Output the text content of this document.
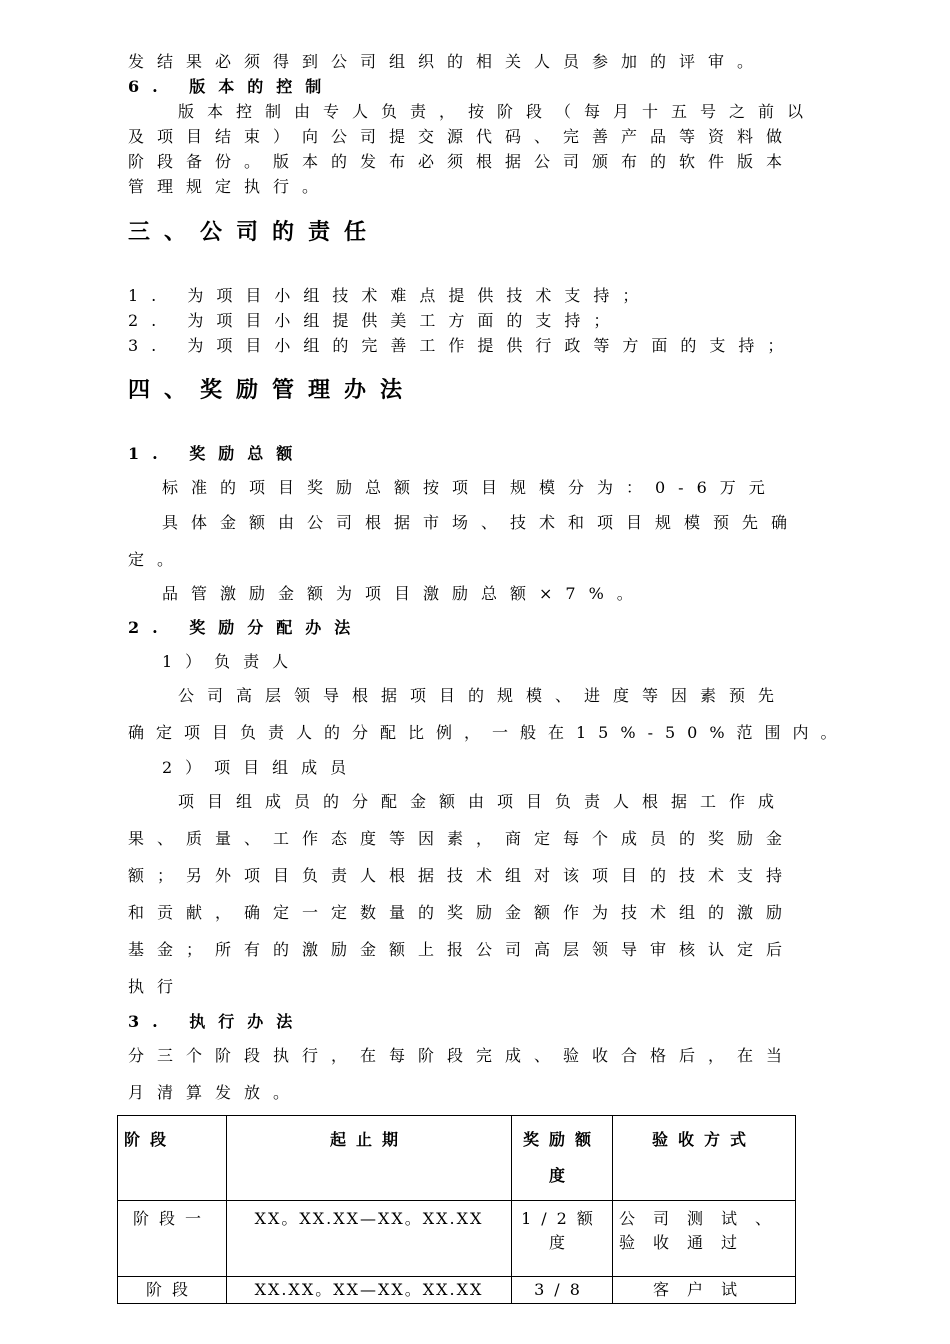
发结果必须得到公司组织的相关人员参加的评审。
6. 版本的控制
版本控制由专人负责，按阶段（每月十五号之前以
及项目结束）向公司提交源代码、完善产品等资料做
阶段备份。版本的发布必须根据公司颁布的软件版本
管理规定执行。
三、公司的责任
1. 为项目小组技术难点提供技术支持；
2. 为项目小组提供美工方面的支持；
3. 为项目小组的完善工作提供行政等方面的支持；
四、奖励管理办法
1. 奖励总额
标准的项目奖励总额按项目规模分为：0-6万元
具体金额由公司根据市场、技术和项目规模预先确
定。
品管激励金额为项目激励总额×7%。
2. 奖励分配办法
1）负责人
公司高层领导根据项目的规模、进度等因素预先
确定项目负责人的分配比例，一般在15%-50%范围内。
2）项目组成员
项目组成员的分配金额由项目负责人根据工作成
果、质量、工作态度等因素，商定每个成员的奖励金
额；另外项目负责人根据技术组对该项目的技术支持
和贡献，确定一定数量的奖励金额作为技术组的激励
基金；所有的激励金额上报公司高层领导审核认定后
执行
3. 执行办法
分三个阶段执行，在每阶段完成、验收合格后，在当
月清算发放。
阶段	起止期	奖励额度	验收方式
阶段一	XX。XX.XX—XX。XX.XX	1/2额度	公司测试、验收通过
阶段	XX.XX。XX—XX。XX.XX	3/8	客户试
